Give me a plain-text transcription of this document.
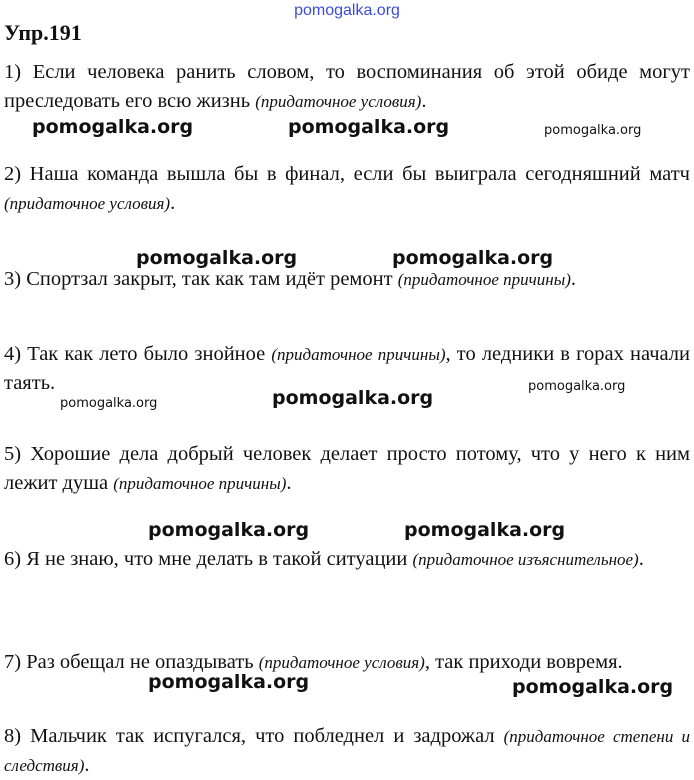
pomogalka.org
Упр.191
1) Если человека ранить словом, то воспоминания об этой обиде могут преследовать его всю жизнь (придаточное условия).
2) Наша команда вышла бы в финал, если бы выиграла сегодняшний матч (придаточное условия).
3) Спортзал закрыт, так как там идёт ремонт (придаточное причины).
4) Так как лето было знойное (придаточное причины), то ледники в горах начали таять.
5) Хорошие дела добрый человек делает просто потому, что у него к ним лежит душа (придаточное причины).
6) Я не знаю, что мне делать в такой ситуации (придаточное изъяснительное).
7) Раз обещал не опаздывать (придаточное условия), так приходи вовремя.
8) Мальчик так испугался, что побледнел и задрожал (придаточное степени и следствия).
pomogalka.org	pomogalka.org	pomogalka.org
pomogalka.org	pomogalka.org
pomogalka.org
pomogalka.org
pomogalka.org
pomogalka.org	pomogalka.org
pomogalka.org	pomogalka.org
